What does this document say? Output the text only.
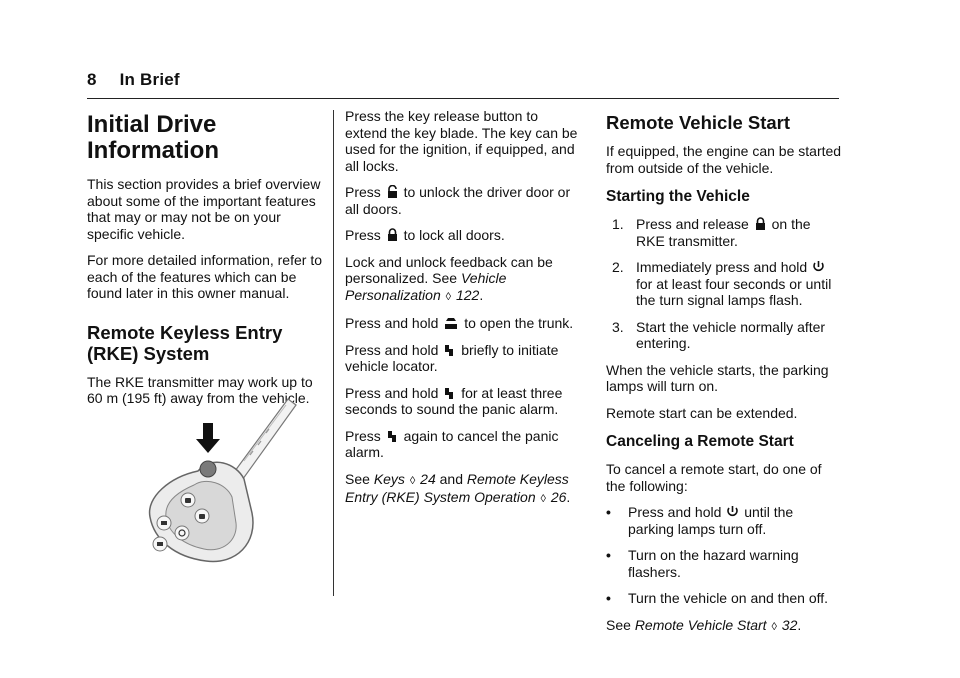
8 In Brief
Initial Drive Information

This section provides a brief overview about some of the important features that may or may not be on your specific vehicle.

For more detailed information, refer to each of the features which can be found later in this owner manual.

Remote Keyless Entry (RKE) System

The RKE transmitter may work up to 60 m (195 ft) away from the vehicle.

Press the key release button to extend the key blade. The key can be used for the ignition, if equipped, and all locks.

Press to unlock the driver door or all doors.

Press to lock all doors.

Lock and unlock feedback can be personalized. See Vehicle Personalization ◊ 122.

Press and hold to open the trunk.

Press and hold briefly to initiate vehicle locator.

Press and hold for at least three seconds to sound the panic alarm.

Press again to cancel the panic alarm.

See Keys ◊ 24 and Remote Keyless Entry (RKE) System Operation ◊ 26.

Remote Vehicle Start

If equipped, the engine can be started from outside of the vehicle.

Starting the Vehicle
1. Press and release on the RKE transmitter.
2. Immediately press and hold  for at least four seconds or until the turn signal lamps flash.
3. Start the vehicle normally after entering.

When the vehicle starts, the parking lamps will turn on.

Remote start can be extended.

Canceling a Remote Start

To cancel a remote start, do one of the following:

•	Press and hold until the parking lamps turn off.
•	Turn on the hazard warning flashers.
•	Turn the vehicle on and then off.

See Remote Vehicle Start ◊ 32.
